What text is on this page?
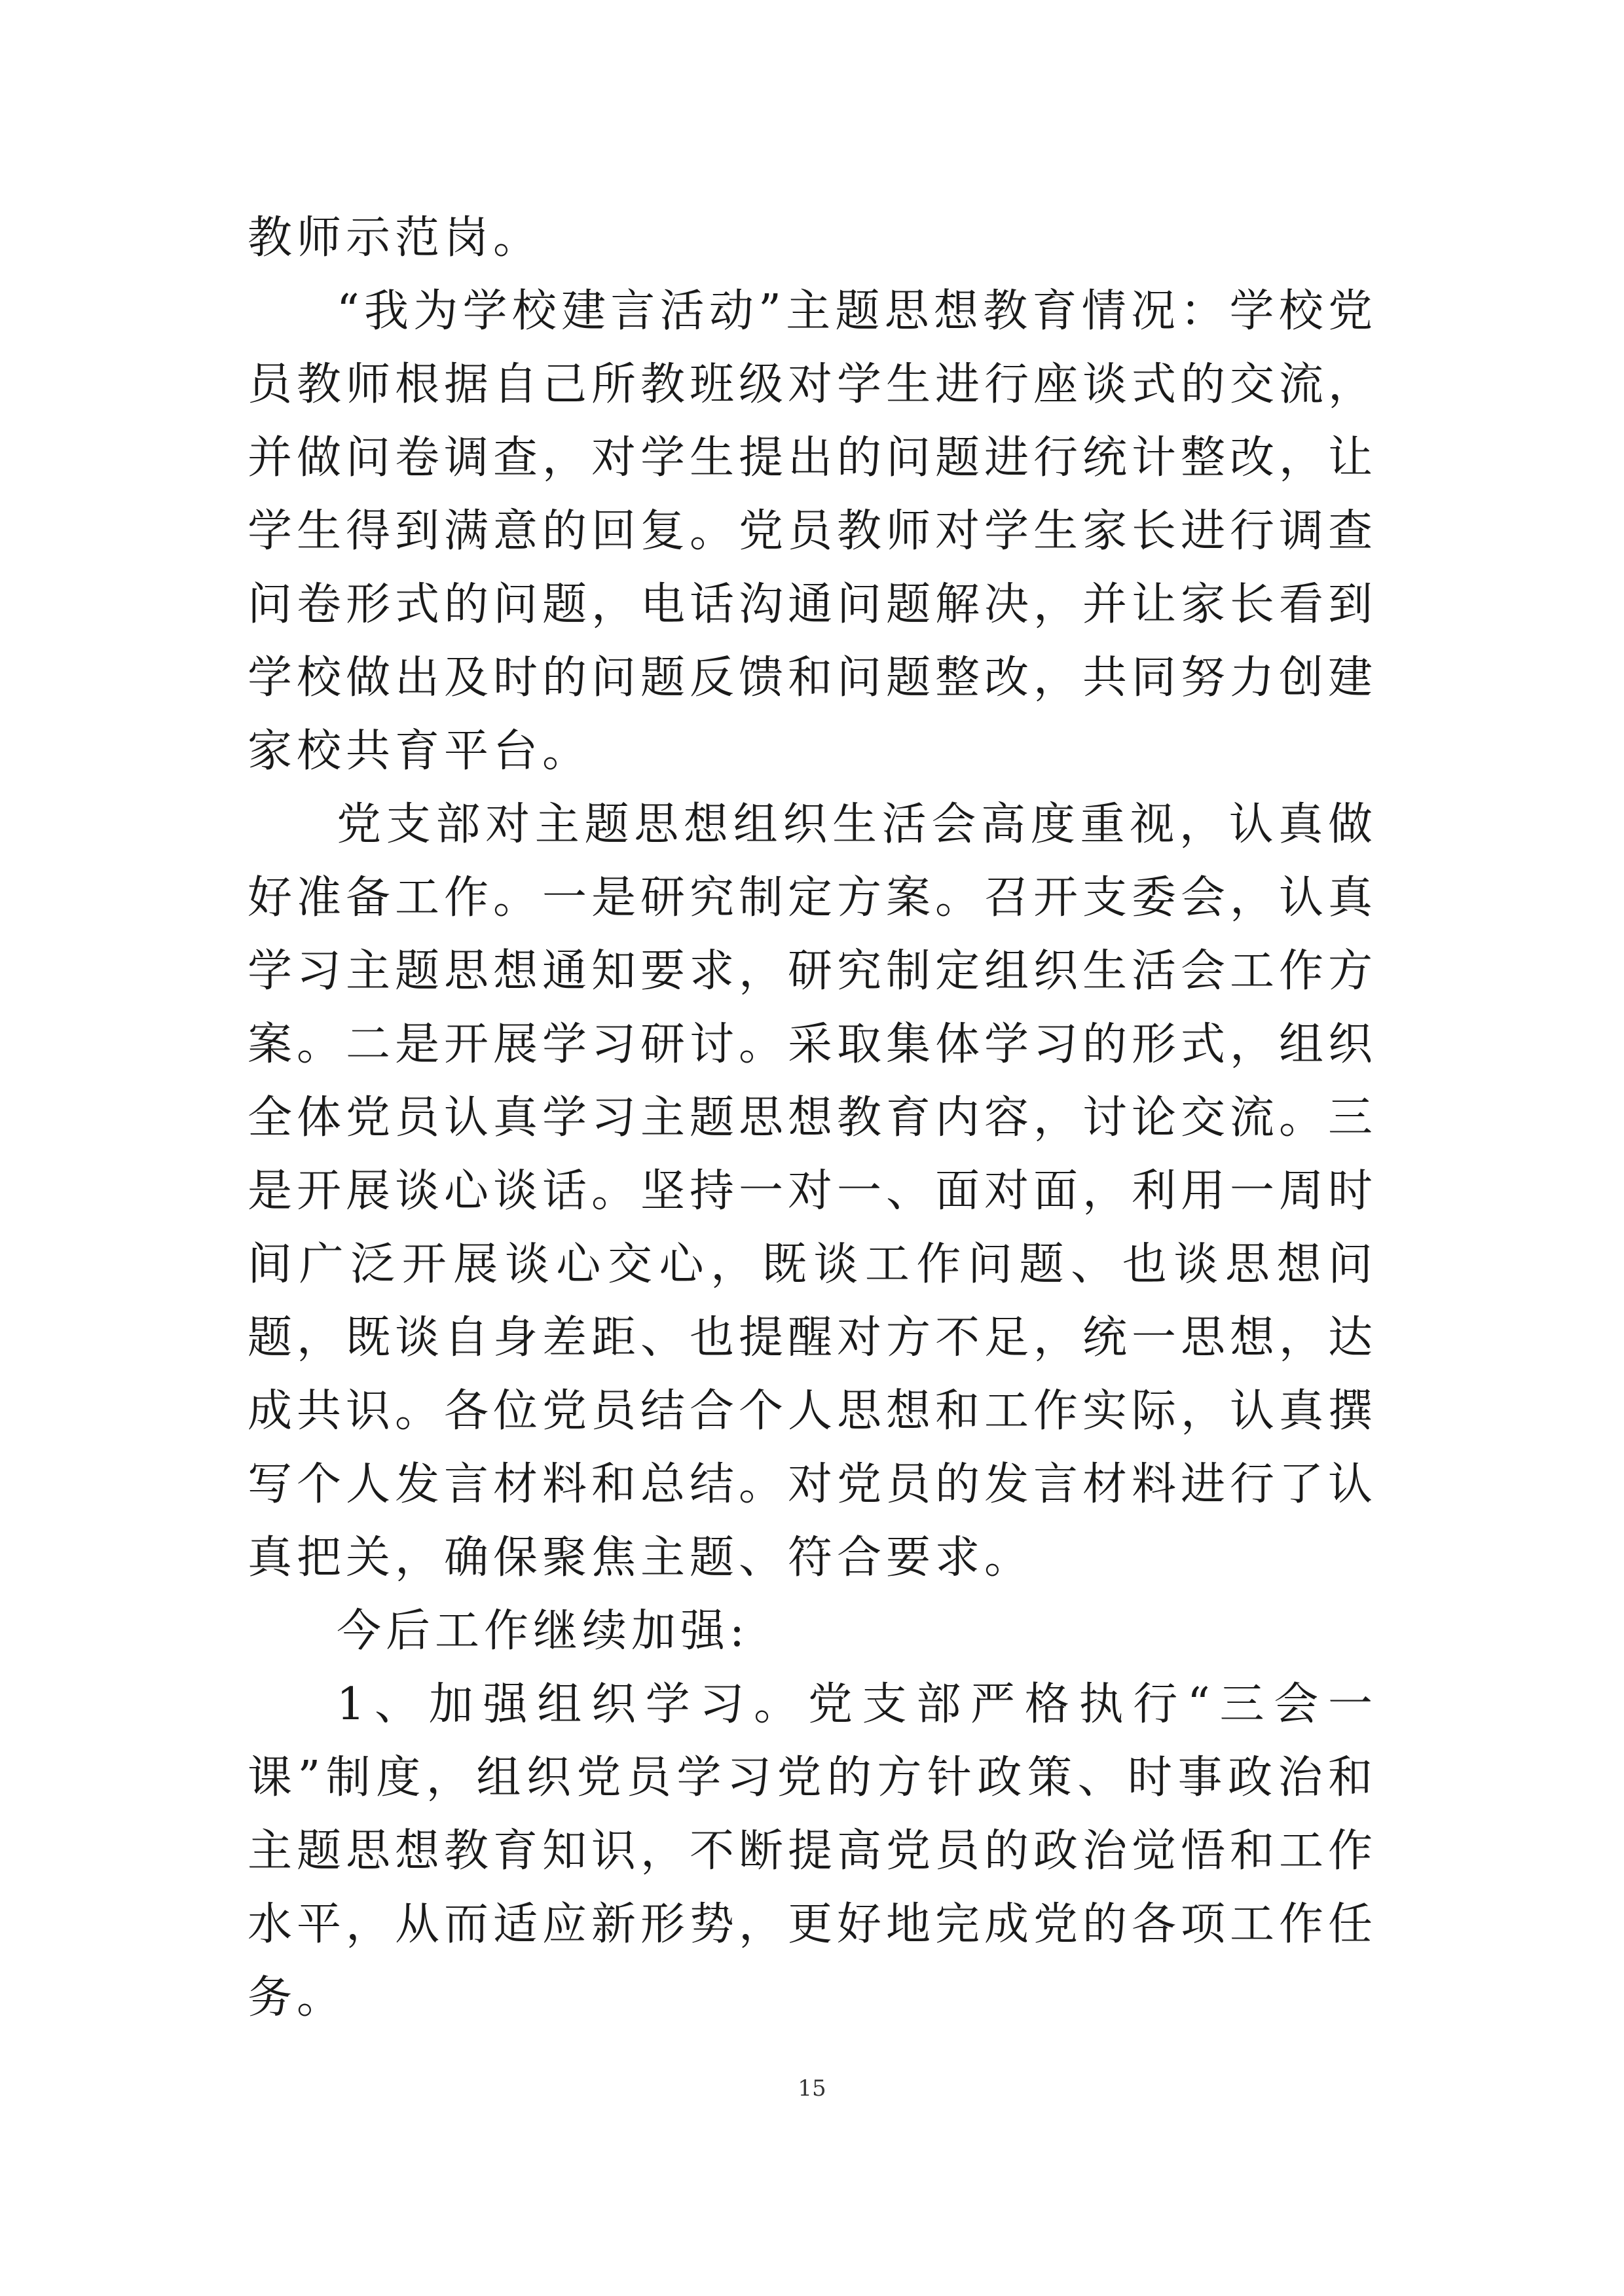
教师示范岗。

“我为学校建言活动”主题思想教育情况：学校党员教师根据自己所教班级对学生进行座谈式的交流，并做问卷调查，对学生提出的问题进行统计整改，让学生得到满意的回复。党员教师对学生家长进行调查问卷形式的问题，电话沟通问题解决，并让家长看到学校做出及时的问题反馈和问题整改，共同努力创建家校共育平台。

党支部对主题思想组织生活会高度重视，认真做好准备工作。一是研究制定方案。召开支委会，认真学习主题思想通知要求，研究制定组织生活会工作方案。二是开展学习研讨。采取集体学习的形式，组织全体党员认真学习主题思想教育内容，讨论交流。三是开展谈心谈话。坚持一对一、面对面，利用一周时间广泛开展谈心交心，既谈工作问题、也谈思想问题，既谈自身差距、也提醒对方不足，统一思想，达成共识。各位党员结合个人思想和工作实际，认真撰写个人发言材料和总结。对党员的发言材料进行了认真把关，确保聚焦主题、符合要求。

今后工作继续加强:

1、加强组织学习。党支部严格执行“三会一课”制度，组织党员学习党的方针政策、时事政治和主题思想教育知识，不断提高党员的政治觉悟和工作水平，从而适应新形势，更好地完成党的各项工作任务。

15
